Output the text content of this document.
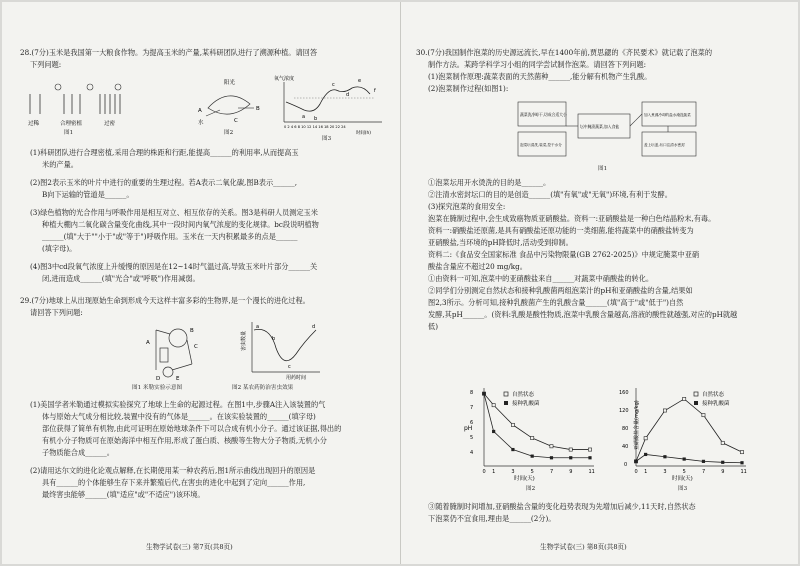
28.(7分)玉米是我国第一大粮食作物。为提高玉米的产量,某科研团队进行了溯源种植。请回答
下列问题:
过稀	合理密植	过密
图1
阳光
A	B
C
水
图2
氧气浓度
a b
c
d
e
f
0 2 4 6 8 10 12 14 16 18 20 22 24
时间(h)
图3
(1)科研团队进行合理密植,采用合理的株距和行距,能提高______的利用率,从而提高玉
米的产量。
(2)图2表示玉米的叶片中进行的重要的生理过程。若A表示二氧化碳,图B表示______,
B向下运输的管道是______。
(3)绿色植物的光合作用与呼吸作用是相互对立、相互依存的关系。图3是科研人员测定玉米
种植大棚内二氧化碳含量变化曲线,其中一段时间内氧气浓度的变化规律。bc段说明植物
______(填"大于""小于"或"等于")呼吸作用。玉米在一天内积累最多的点是______
(填字母)。
(4)图3中cd段氧气浓度上升缓慢的原因是在12~14时气温过高,导致玉米叶片部分______关
闭,进而造成______(填"光合"或"呼吸")作用减弱。
29.(7分)地球上从出现原始生命到形成今天这样丰富多彩的生物界,是一个漫长的进化过程。
请回答下列问题:
A
B
C
D	E
图1 米勒实验示意图
害虫数量
a
b
c
d
用药时间
图2 某农药防治害虫效果
(1)美国学者米勒通过模拟实验探究了地球上生命的起源过程。在图1中,步骤A注入该装置的气
体与原始大气成分相比较,装置中没有的气体是______。在该实验装置的______(填字母)
部位获得了简单有机物,由此可证明在原始地球条件下可以合成有机小分子。通过该证据,得出的
有机小分子物质可在原始海洋中相互作用,形成了蛋白质、核酸等生物大分子物质,无机小分
子物质能合成______。
(2)请用达尔文的进化论观点解释,在长期使用某一种农药后,图1所示曲线出现回升的原因是
具有______的个体能够生存下来并繁殖后代,在害虫的进化中起到了定向______作用,
最终害虫能够______(填"适应"或"不适应")该环境。
生物学试卷(三) 第7页(共8页)
30.(7分)我国制作泡菜的历史源远流长,早在1400年前,贾思勰的《齐民要术》就记载了泡菜的
制作方法。某跨学科学习小组的同学尝试制作泡菜。请回答下列问题:
(1)泡菜制作原理:蔬菜表面的天然菌种______,能分解有机物产生乳酸。
(2)泡菜制作过程(如图1):
蔬菜洗净晾干,切成合适大小
坛中腌渍蔬菜,加入食盐
加入煮沸冷却的盐水淹没蔬菜
泡菜坛清洗,装菜,控干水分	盖上坛盖,坛口注清水密封
图1
①泡菜坛用开水烫洗的目的是______。
②注清水密封坛口的目的是创造______(填"有氧"或"无氧")环境,有利于发酵。
(3)探究泡菜的食用安全:
泡菜在腌制过程中,会生成致癌物质亚硝酸盐。资料一:亚硝酸盐是一种白色结晶粉末,有毒。
资料一:硝酸盐还原菌,是具有硝酸盐还原功能的一类细菌,能将蔬菜中的硝酸盐转变为
亚硝酸盐,当环境的pH降低时,活动受到抑制。
资料二:《食品安全国家标准 食品中污染物限量(GB 2762-2025)》中规定腌菜中亚硝
酸盐含量应不超过20 mg/kg。
①由资料一可知,泡菜中的亚硝酸盐来自______对蔬菜中硝酸盐的转化。
②同学们分别测定自然状态和接种乳酸菌两组泡菜汁的pH和亚硝酸盐的含量,结果如
图2,3所示。分析可知,接种乳酸菌产生的乳酸含量______(填"高于"或"低于")自然
发酵,其pH______。(资料:乳酸是酸性物质,泡菜中乳酸含量越高,溶液的酸性就越强,对应的pH就越
低)
pH
4
5
6
7
8
0 1	3	5	7	9	11
时间(天)
自然状态
接种乳酸菌
图2
亚硝酸盐含量(mg/kg)
0
40
80
120
160
0 1	3	5	7	9	11
时间(天)
自然状态
接种乳酸菌
图3
③随着腌制时间增加,亚硝酸盐含量的变化趋势表现为先增加后减少,11天时,自然状态
下泡菜仍不宜食用,理由是______(2分)。
生物学试卷(三) 第8页(共8页)
